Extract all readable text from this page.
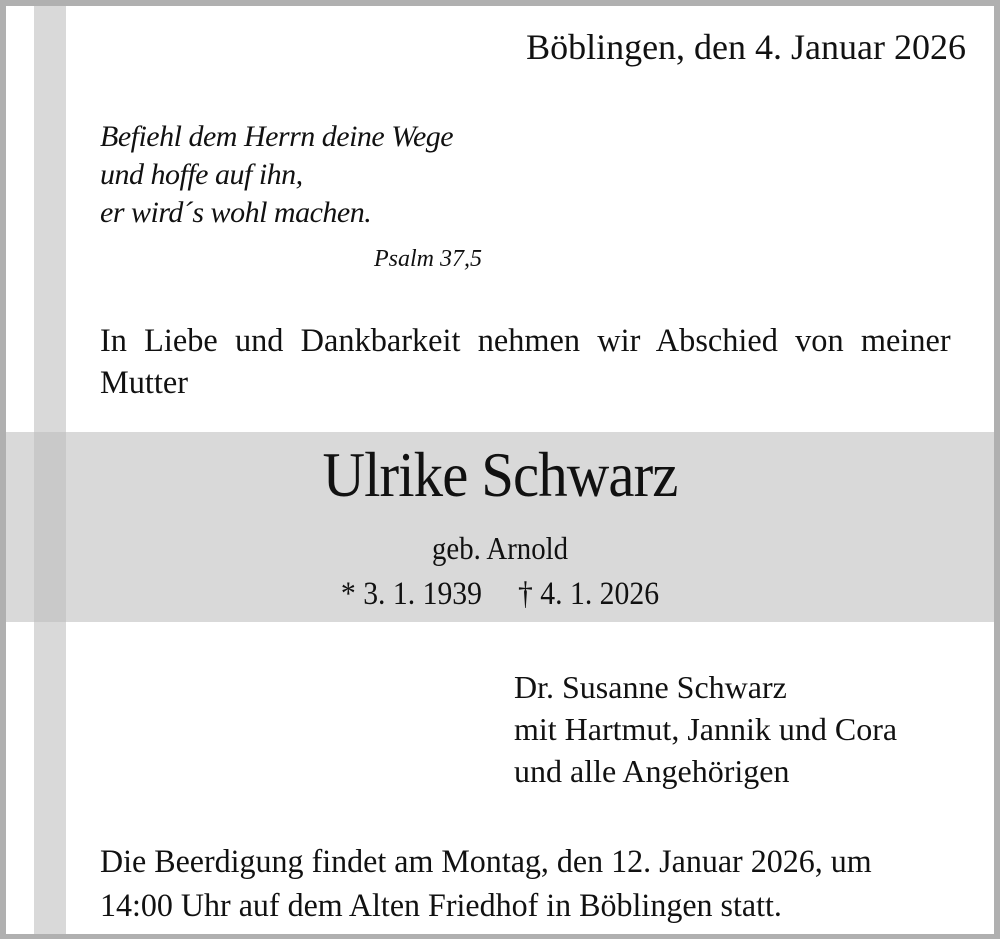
Böblingen, den 4. Januar 2026
Befiehl dem Herrn deine Wege
und hoffe auf ihn,
er wird´s wohl machen.
Psalm 37,5
In Liebe und Dankbarkeit nehmen wir Abschied von meiner Mutter
Ulrike Schwarz
geb. Arnold
* 3. 1. 1939 † 4. 1. 2026
Dr. Susanne Schwarz
mit Hartmut, Jannik und Cora
und alle Angehörigen
Die Beerdigung findet am Montag, den 12. Januar 2026, um 14:00 Uhr auf dem Alten Friedhof in Böblingen statt.
